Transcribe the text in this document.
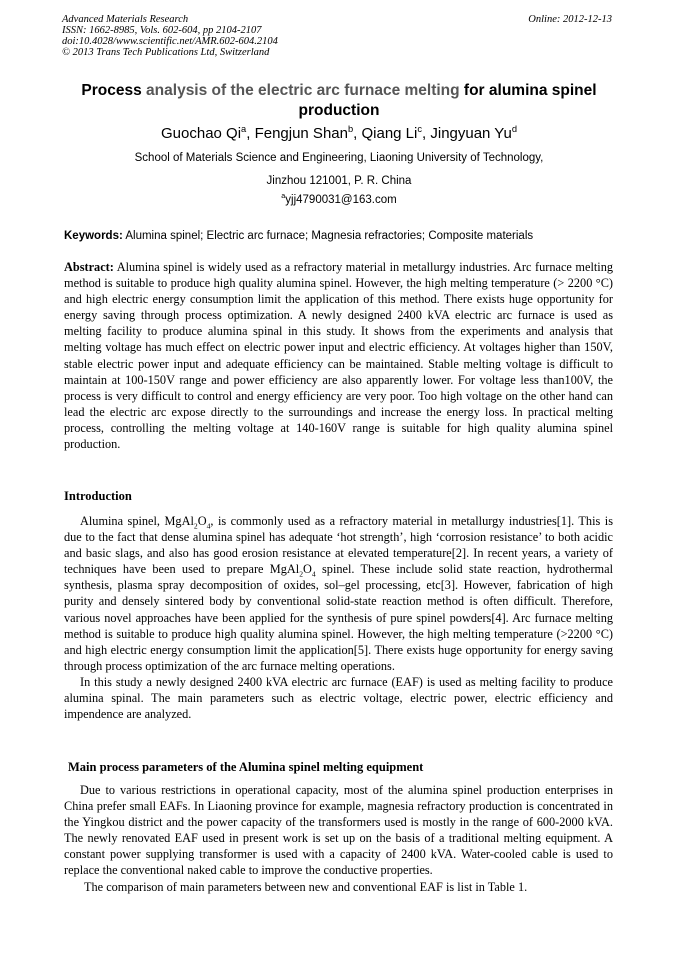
Advanced Materials Research
ISSN: 1662-8985, Vols. 602-604, pp 2104-2107
doi:10.4028/www.scientific.net/AMR.602-604.2104
© 2013 Trans Tech Publications Ltd, Switzerland
Online: 2012-12-13
Process analysis of the electric arc furnace melting for alumina spinel production
Guochao Qi$^a$, Fengjun Shan$^b$, Qiang Li$^c$, Jingyuan Yu$^d$
School of Materials Science and Engineering, Liaoning University of Technology,
Jinzhou 121001, P. R. China
$^a$yjj4790031@163.com
Keywords: Alumina spinel; Electric arc furnace; Magnesia refractories; Composite materials
Abstract: Alumina spinel is widely used as a refractory material in metallurgy industries. Arc furnace melting method is suitable to produce high quality alumina spinel. However, the high melting temperature (> 2200 °C) and high electric energy consumption limit the application of this method. There exists huge opportunity for energy saving through process optimization. A newly designed 2400 kVA electric arc furnace is used as melting facility to produce alumina spinal in this study. It shows from the experiments and analysis that melting voltage has much effect on electric power input and electric efficiency. At voltages higher than 150V, stable electric power input and adequate efficiency can be maintained. Stable melting voltage is difficult to maintain at 100-150V range and power efficiency are also apparently lower. For voltage less than100V, the process is very difficult to control and energy efficiency are very poor. Too high voltage on the other hand can lead the electric arc expose directly to the surroundings and increase the energy loss. In practical melting process, controlling the melting voltage at 140-160V range is suitable for high quality alumina spinel production.
Introduction

Alumina spinel, $MgAl_2O_4$, is commonly used as a refractory material in metallurgy industries[1]. This is due to the fact that dense alumina spinel has adequate ‘hot strength’, high ‘corrosion resistance’ to both acidic and basic slags, and also has good erosion resistance at elevated temperature[2]. In recent years, a variety of techniques have been used to prepare $MgAl_2O_4$ spinel. These include solid state reaction, hydrothermal synthesis, plasma spray decomposition of oxides, sol–gel processing, etc[3]. However, fabrication of high purity and densely sintered body by conventional solid-state reaction method is often difficult. Therefore, various novel approaches have been applied for the synthesis of pure spinel powders[4]. Arc furnace melting method is suitable to produce high quality alumina spinel. However, the high melting temperature (>2200 °C) and high electric energy consumption limit the application[5]. There exists huge opportunity for energy saving through process optimization of the arc furnace melting operations.

In this study a newly designed 2400 kVA electric arc furnace (EAF) is used as melting facility to produce alumina spinal. The main parameters such as electric voltage, electric power, electric efficiency and impendence are analyzed.

Main process parameters of the Alumina spinel melting equipment

Due to various restrictions in operational capacity, most of the alumina spinel production enterprises in China prefer small EAFs. In Liaoning province for example, magnesia refractory production is concentrated in the Yingkou district and the power capacity of the transformers used is mostly in the range of 600-2000 kVA. The newly renovated EAF used in present work is set up on the basis of a traditional melting equipment. A constant power supplying transformer is used with a capacity of 2400 kVA. Water-cooled cable is used to replace the conventional naked cable to improve the conductive properties.

The comparison of main parameters between new and conventional EAF is list in Table 1.
